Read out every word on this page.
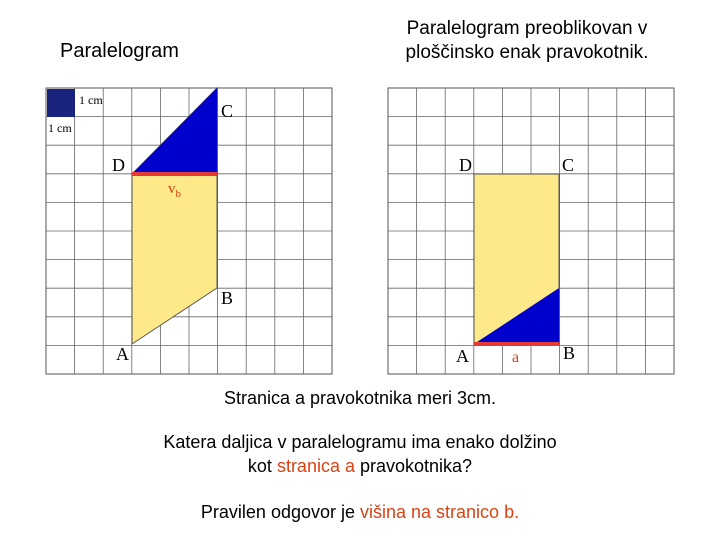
Paralelogram
Paralelogram preoblikovan v
ploščinsko enak pravokotnik.
1 cm
1 cm
C
D
B
A
$v_b$
D	C
A	a B
Stranica a pravokotnika meri 3cm.
Katera daljica v paralelogramu ima enako dolžino
kot stranica a pravokotnika?
Pravilen odgovor je višina na stranico b.
